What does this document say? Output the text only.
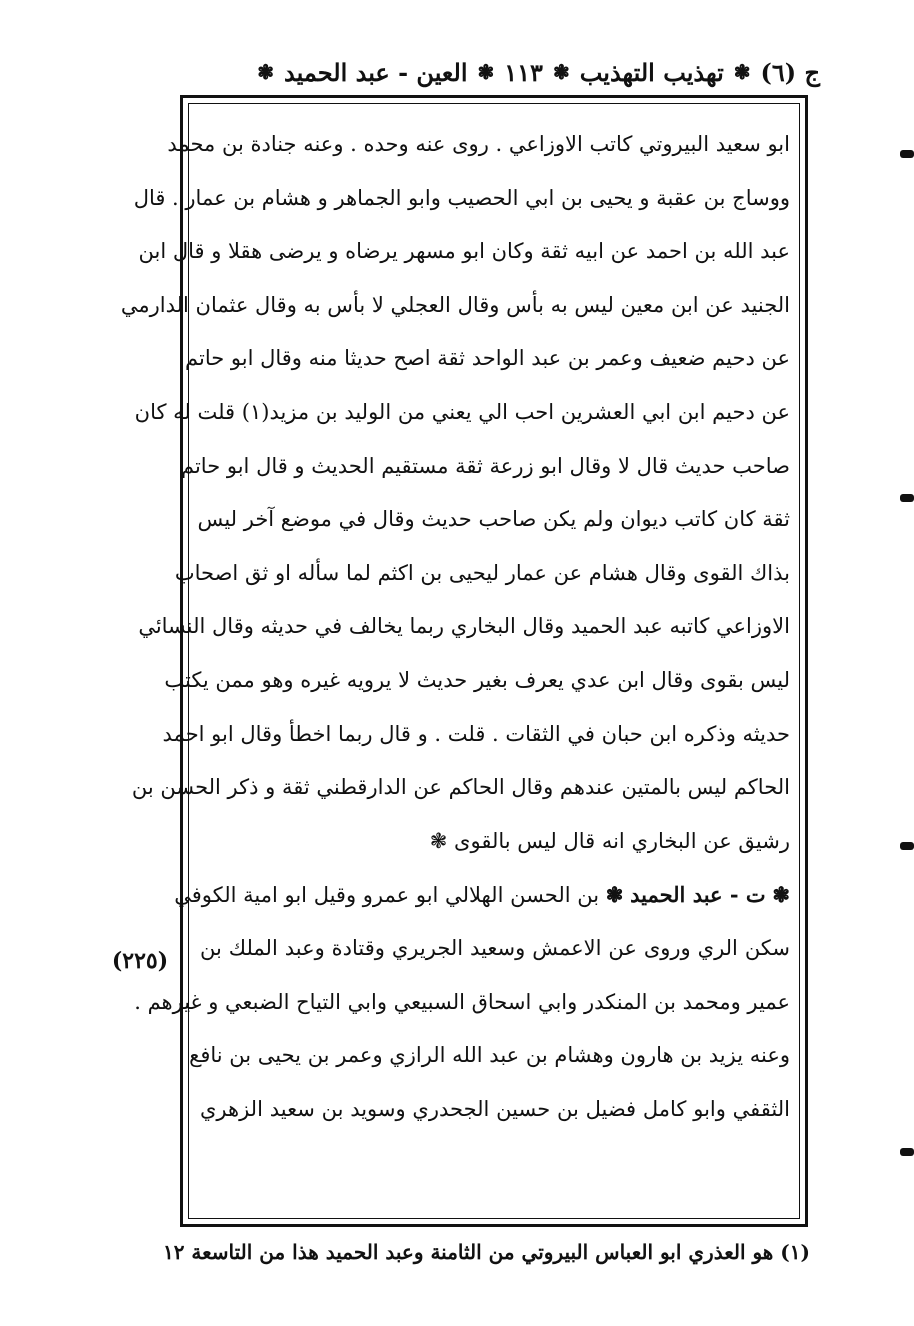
ج (٦)
❃
تهذيب التهذيب
❃
١١٣
❃
العين - عبد الحميد
❃
ابو سعيد البيروتي كاتب الاوزاعي . روى عنه وحده . وعنه جنادة بن محمد
ووساج بن عقبة و يحيى بن ابي الحصيب وابو الجماهر و هشام بن عمار . قال
عبد الله بن احمد عن ابيه ثقة وكان ابو مسهر يرضاه و يرضى هقلا و قال ابن
الجنيد عن ابن معين ليس به بأس وقال العجلي لا بأس به وقال عثمان الدارمي
عن دحيم ضعيف وعمر بن عبد الواحد ثقة اصح حديثا منه وقال ابو حاتم
عن دحيم ابن ابي العشرين احب الي يعني من الوليد بن مزيد(١) قلت له كان
صاحب حديث قال لا وقال ابو زرعة ثقة مستقيم الحديث و قال ابو حاتم
ثقة كان كاتب ديوان ولم يكن صاحب حديث وقال في موضع آخر ليس
بذاك القوى وقال هشام عن عمار ليحيى بن اكثم لما سأله او ثق اصحاب
الاوزاعي كاتبه عبد الحميد وقال البخاري ربما يخالف في حديثه وقال النسائي
ليس بقوى وقال ابن عدي يعرف بغير حديث لا يرويه غيره وهو ممن يكتب
حديثه وذكره ابن حبان في الثقات . قلت . و قال ربما اخطأ وقال ابو احمد
الحاكم ليس بالمتين عندهم وقال الحاكم عن الدارقطني ثقة و ذكر الحسن بن
رشيق عن البخاري انه قال ليس بالقوى ❃
❃ ت - عبد الحميد ❃ بن الحسن الهلالي ابو عمرو وقيل ابو امية الكوفي
سكن الري وروى عن الاعمش وسعيد الجريري وقتادة وعبد الملك بن
عمير ومحمد بن المنكدر وابي اسحاق السبيعي وابي التياح الضبعي و غيرهم .
وعنه يزيد بن هارون وهشام بن عبد الله الرازي وعمر بن يحيى بن نافع
الثقفي وابو كامل فضيل بن حسين الجحدري وسويد بن سعيد الزهري
(٢٢٥)
(١) هو العذري ابو العباس البيروتي من الثامنة وعبد الحميد هذا من التاسعة ١٢
